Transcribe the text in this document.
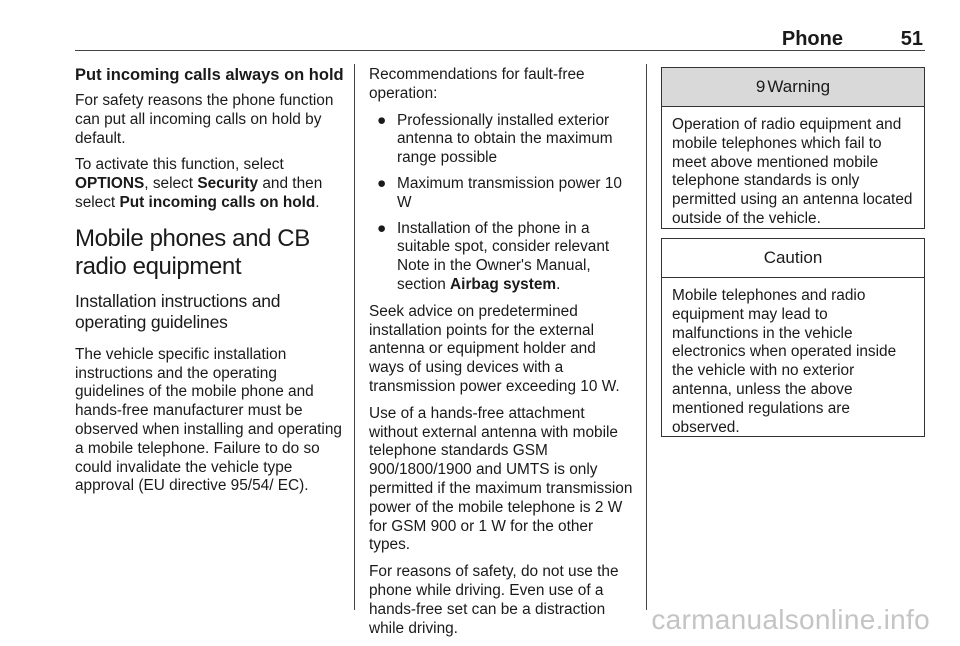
Phone	51
Put incoming calls always on hold

For safety reasons the phone function can put all incoming calls on hold by default.

To activate this function, select OPTIONS, select Security and then select Put incoming calls on hold.

Mobile phones and CB radio equipment
Installation instructions and operating guidelines

The vehicle specific installation instructions and the operating guidelines of the mobile phone and hands-free manufacturer must be observed when installing and operating a mobile telephone. Failure to do so could invalidate the vehicle type approval (EU directive 95/54/ EC).

Recommendations for fault-free operation:

● Professionally installed exterior antenna to obtain the maximum range possible
● Maximum transmission power 10 W
● Installation of the phone in a suitable spot, consider relevant Note in the Owner's Manual, section Airbag system.

Seek advice on predetermined installation points for the external antenna or equipment holder and ways of using devices with a transmission power exceeding 10 W.

Use of a hands-free attachment without external antenna with mobile telephone standards GSM 900/1800/1900 and UMTS is only permitted if the maximum transmission power of the mobile telephone is 2 W for GSM 900 or 1 W for the other types.

For reasons of safety, do not use the phone while driving. Even use of a hands-free set can be a distraction while driving.

9 Warning
Operation of radio equipment and mobile telephones which fail to meet above mentioned mobile telephone standards is only permitted using an antenna located outside of the vehicle.
Caution
Mobile telephones and radio equipment may lead to malfunctions in the vehicle electronics when operated inside the vehicle with no exterior antenna, unless the above mentioned regulations are observed.
carmanualsonline.info
